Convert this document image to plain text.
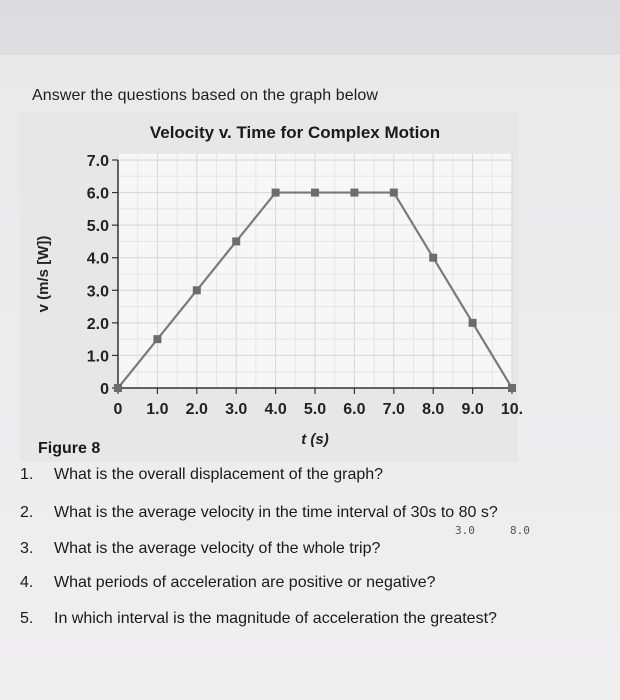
Answer the questions based on the graph below
Velocity v. Time for Complex Motion
0
1.0
2.0
3.0
4.0
5.0
6.0
7.0
0 1.0 2.0 3.0 4.0 5.0 6.0 7.0 8.0 9.0 10.
t (s)
v (m/s [W])
Figure 8
1. What is the overall displacement of the graph?
2. What is the average velocity in the time interval of 30s to 80 s?
3. What is the average velocity of the whole trip?
4. What periods of acceleration are positive or negative?
5. In which interval is the magnitude of acceleration the greatest?
3.0	8.0
